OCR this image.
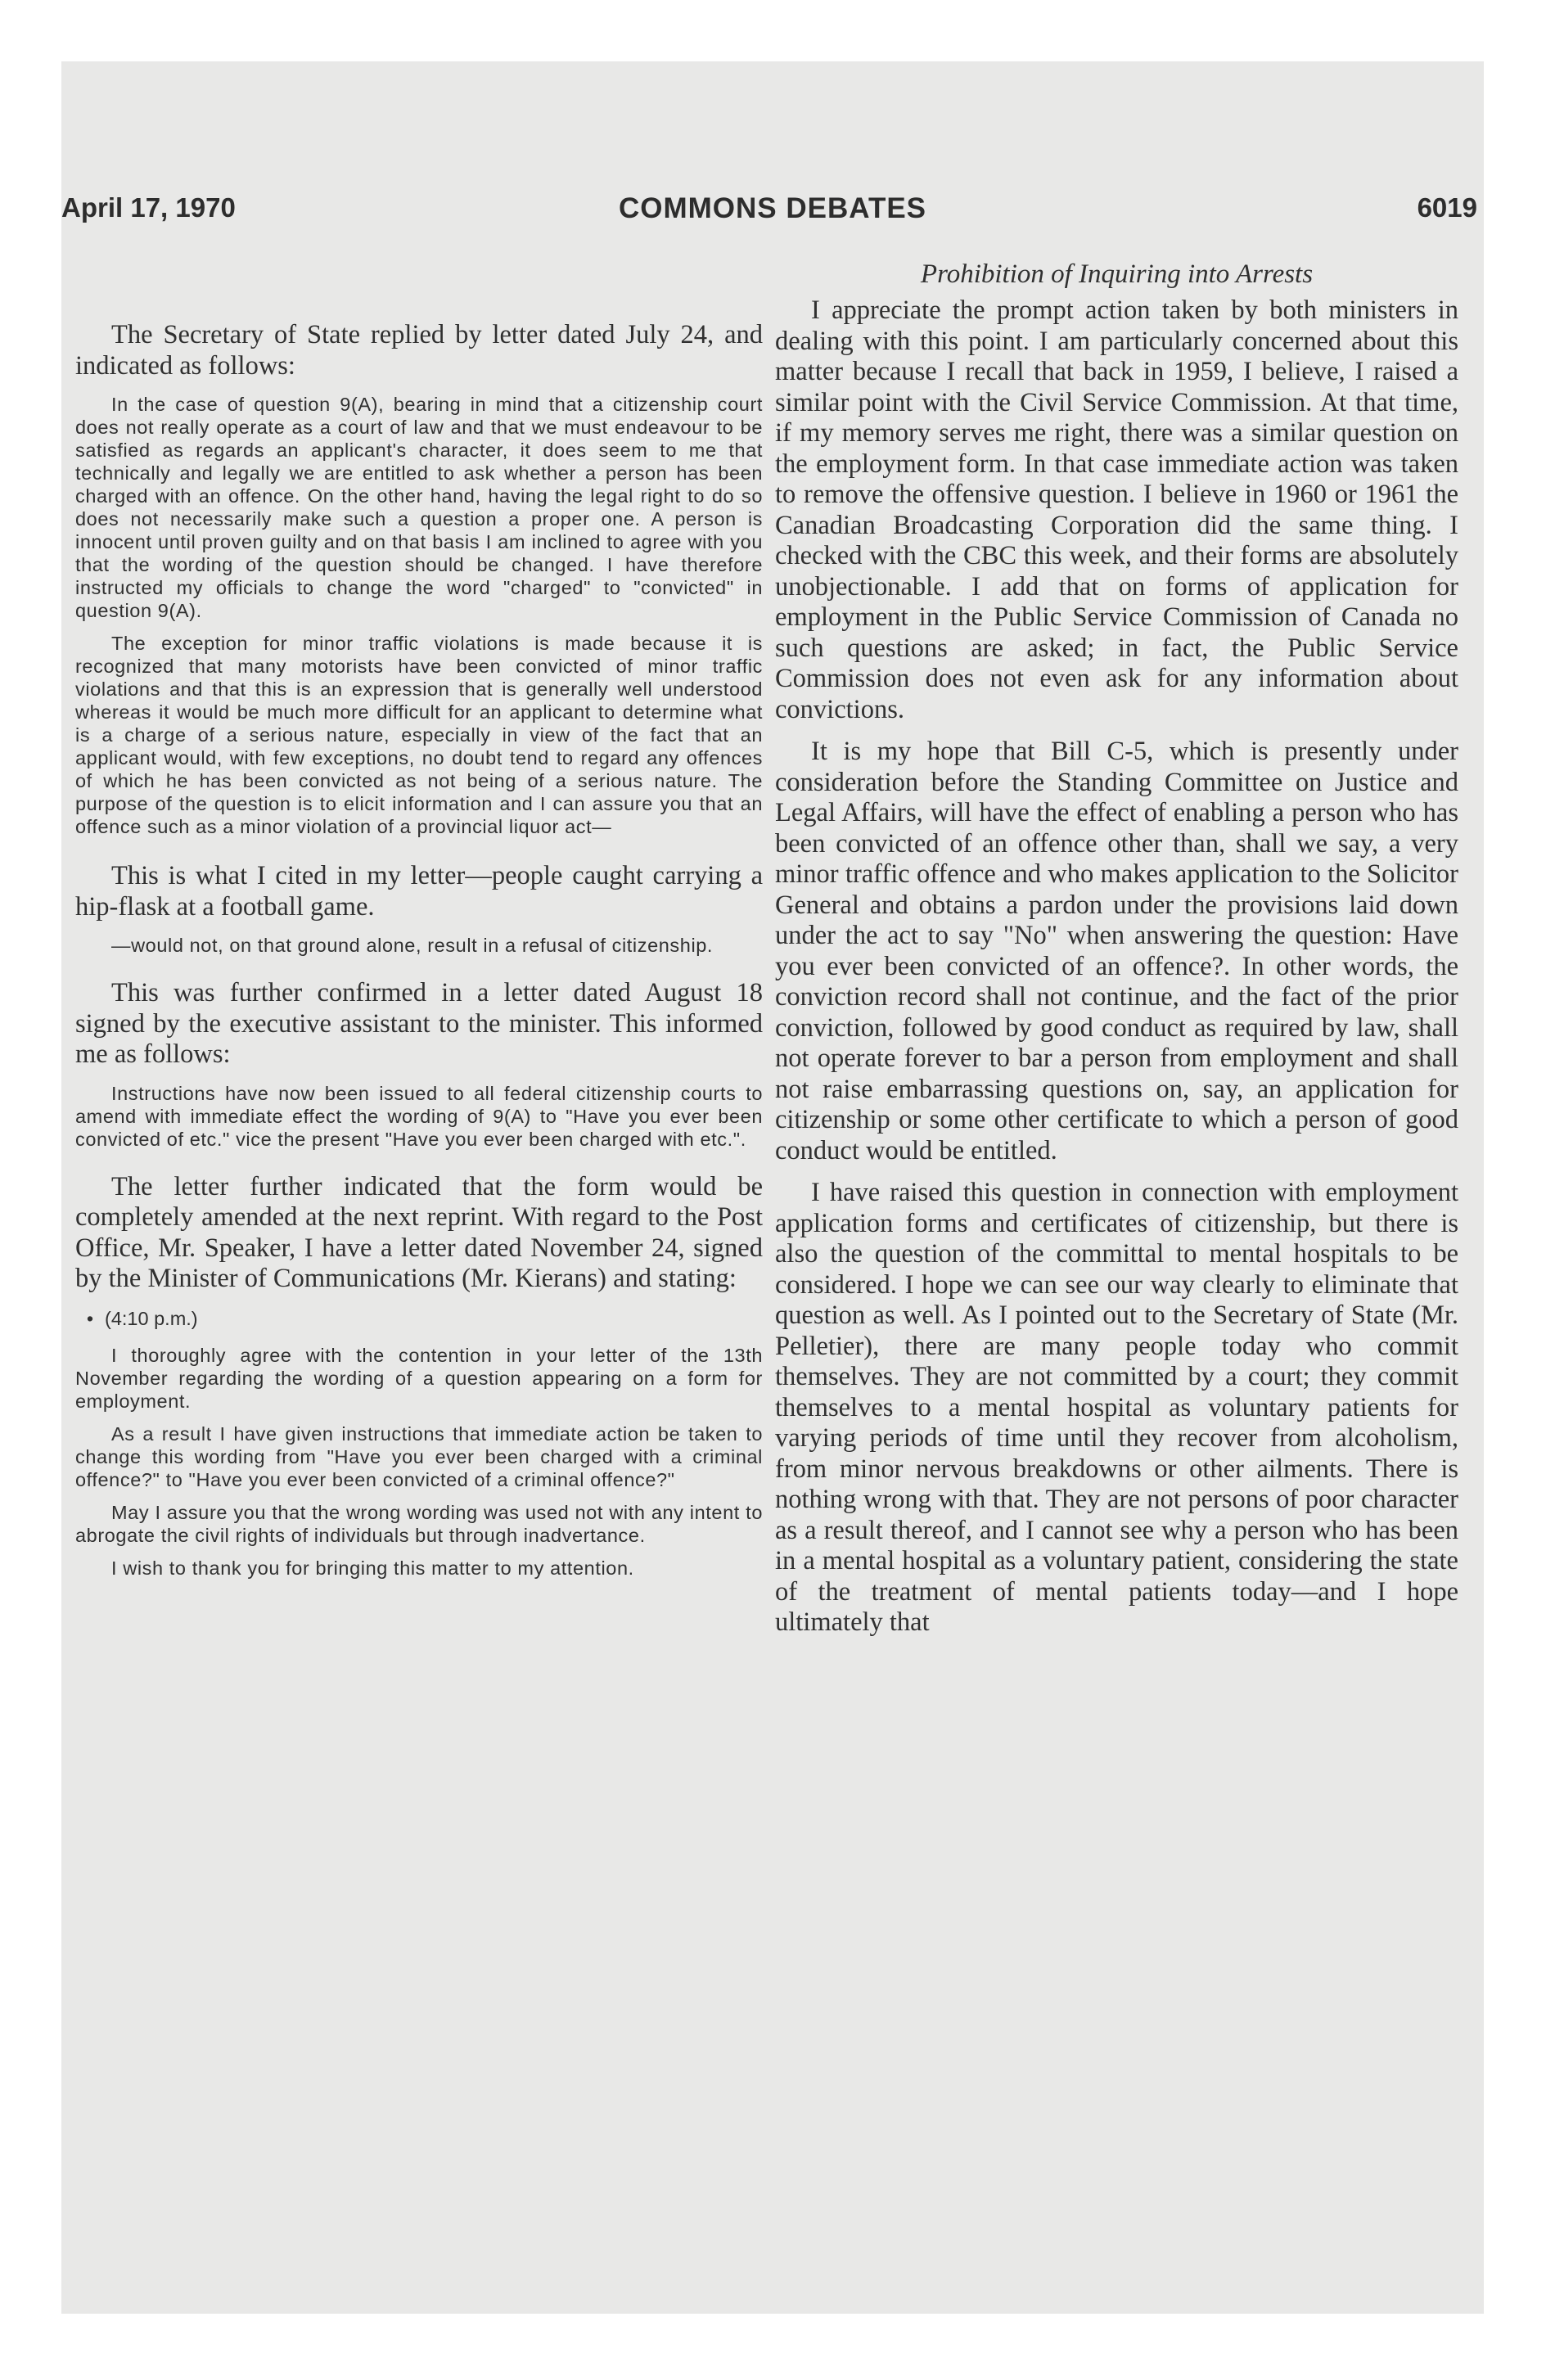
April 17, 1970	COMMONS DEBATES	6019

The Secretary of State replied by letter dated July 24, and indicated as follows:

In the case of question 9(A), bearing in mind that a citizenship court does not really operate as a court of law and that we must endeavour to be satisfied as regards an applicant's character, it does seem to me that technically and legally we are entitled to ask whether a person has been charged with an offence. On the other hand, having the legal right to do so does not necessarily make such a question a proper one. A person is innocent until proven guilty and on that basis I am inclined to agree with you that the wording of the question should be changed. I have therefore instructed my officials to change the word "charged" to "convicted" in question 9(A).

The exception for minor traffic violations is made because it is recognized that many motorists have been convicted of minor traffic violations and that this is an expression that is generally well understood whereas it would be much more difficult for an applicant to determine what is a charge of a serious nature, especially in view of the fact that an applicant would, with few exceptions, no doubt tend to regard any offences of which he has been convicted as not being of a serious nature. The purpose of the question is to elicit information and I can assure you that an offence such as a minor violation of a provincial liquor act—

This is what I cited in my letter—people caught carrying a hip-flask at a football game.

—would not, on that ground alone, result in a refusal of citizenship.

This was further confirmed in a letter dated August 18 signed by the executive assistant to the minister. This informed me as follows:

Instructions have now been issued to all federal citizenship courts to amend with immediate effect the wording of 9(A) to "Have you ever been convicted of etc." vice the present "Have you ever been charged with etc.".

The letter further indicated that the form would be completely amended at the next reprint. With regard to the Post Office, Mr. Speaker, I have a letter dated November 24, signed by the Minister of Communications (Mr. Kierans) and stating:

• (4:10 p.m.)

I thoroughly agree with the contention in your letter of the 13th November regarding the wording of a question appearing on a form for employment.

As a result I have given instructions that immediate action be taken to change this wording from "Have you ever been charged with a criminal offence?" to "Have you ever been convicted of a criminal offence?"

May I assure you that the wrong wording was used not with any intent to abrogate the civil rights of individuals but through inadvertance.

I wish to thank you for bringing this matter to my attention.

Prohibition of Inquiring into Arrests

I appreciate the prompt action taken by both ministers in dealing with this point. I am particularly concerned about this matter because I recall that back in 1959, I believe, I raised a similar point with the Civil Service Commission. At that time, if my memory serves me right, there was a similar question on the employment form. In that case immediate action was taken to remove the offensive question. I believe in 1960 or 1961 the Canadian Broadcasting Corporation did the same thing. I checked with the CBC this week, and their forms are absolutely unobjectionable. I add that on forms of application for employment in the Public Service Commission of Canada no such questions are asked; in fact, the Public Service Commission does not even ask for any information about convictions.

It is my hope that Bill C-5, which is presently under consideration before the Standing Committee on Justice and Legal Affairs, will have the effect of enabling a person who has been convicted of an offence other than, shall we say, a very minor traffic offence and who makes application to the Solicitor General and obtains a pardon under the provisions laid down under the act to say "No" when answering the question: Have you ever been convicted of an offence?. In other words, the conviction record shall not continue, and the fact of the prior conviction, followed by good conduct as required by law, shall not operate forever to bar a person from employment and shall not raise embarrassing questions on, say, an application for citizenship or some other certificate to which a person of good conduct would be entitled.

I have raised this question in connection with employment application forms and certificates of citizenship, but there is also the question of the committal to mental hospitals to be considered. I hope we can see our way clearly to eliminate that question as well. As I pointed out to the Secretary of State (Mr. Pelletier), there are many people today who commit themselves. They are not committed by a court; they commit themselves to a mental hospital as voluntary patients for varying periods of time until they recover from alcoholism, from minor nervous breakdowns or other ailments. There is nothing wrong with that. They are not persons of poor character as a result thereof, and I cannot see why a person who has been in a mental hospital as a voluntary patient, considering the state of the treatment of mental patients today—and I hope ultimately that
